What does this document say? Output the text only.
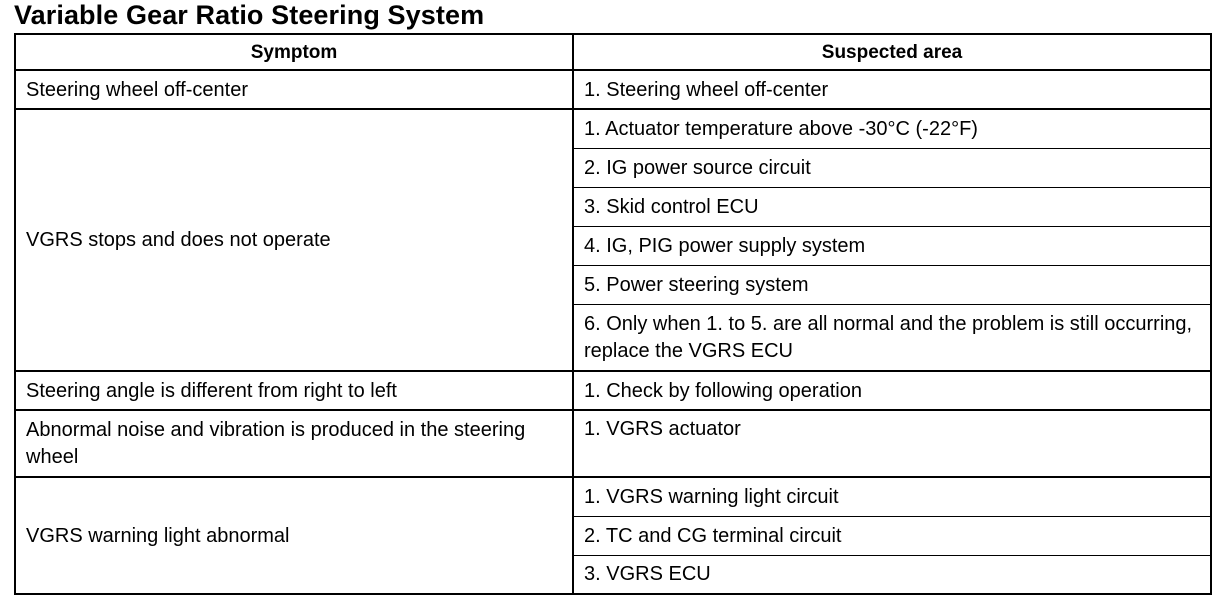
Variable Gear Ratio Steering System
Symptom	Suspected area
Steering wheel off-center	1. Steering wheel off-center
VGRS stops and does not operate	1. Actuator temperature above -30°C (-22°F)
	2. IG power source circuit
	3. Skid control ECU
	4. IG, PIG power supply system
	5. Power steering system
	6. Only when 1. to 5. are all normal and the problem is still occurring, replace the VGRS ECU
Steering angle is different from right to left	1. Check by following operation
Abnormal noise and vibration is produced in the steering wheel	1. VGRS actuator
VGRS warning light abnormal	1. VGRS warning light circuit
	2. TC and CG terminal circuit
	3. VGRS ECU
